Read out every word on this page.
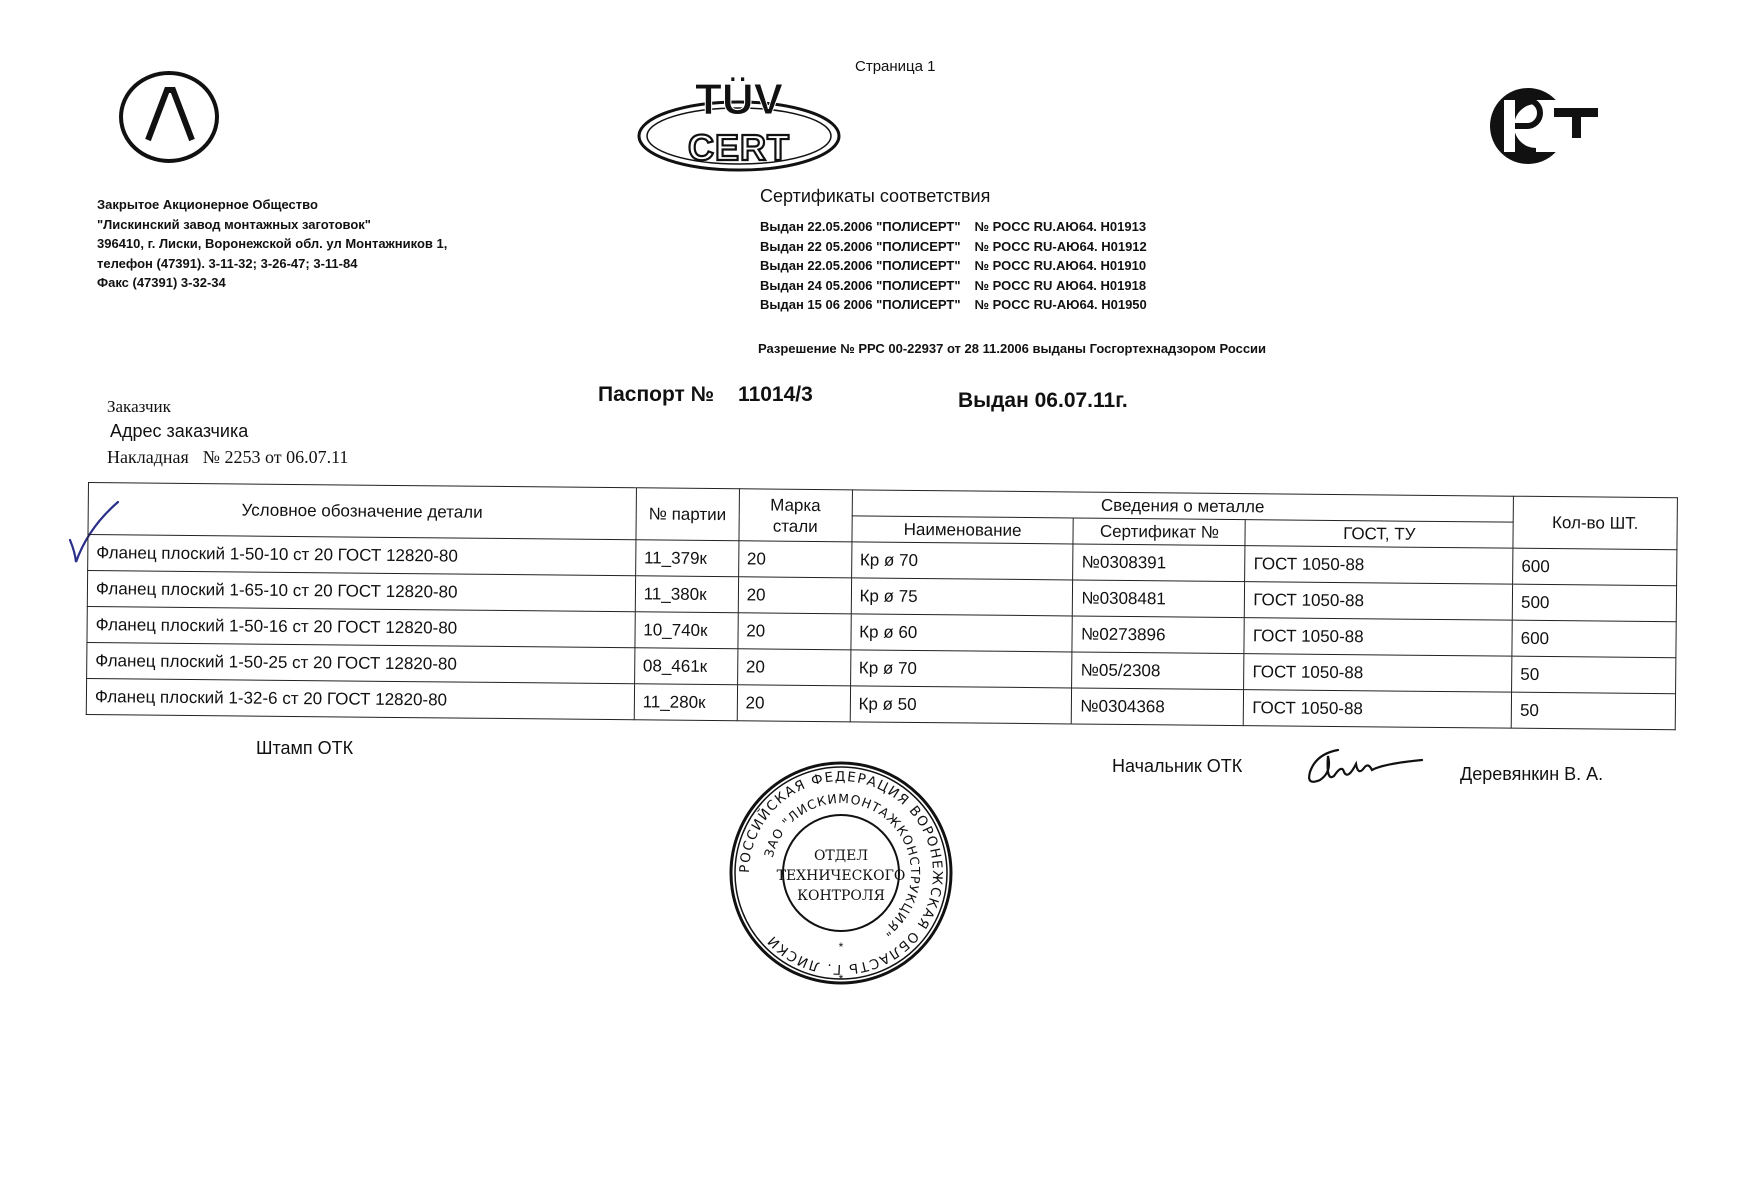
TÜV
CERT
Страница 1
Закрытое Акционерное Общество
"Лискинский завод монтажных заготовок"
396410, г. Лиски, Воронежской обл. ул Монтажников 1,
телефон (47391). 3-11-32; 3-26-47; 3-11-84
Факс (47391) 3-32-34
Сертификаты соответствия
Выдан 22.05.2006 "ПОЛИСЕРТ" № РОСС RU.АЮ64. Н01913
Выдан 22 05.2006 "ПОЛИСЕРТ" № РОСС RU-АЮ64. Н01912
Выдан 22.05.2006 "ПОЛИСЕРТ" № РОСС RU.АЮ64. Н01910
Выдан 24 05.2006 "ПОЛИСЕРТ" № РОСС RU АЮ64. Н01918
Выдан 15 06 2006 "ПОЛИСЕРТ" № РОСС RU-АЮ64. Н01950
Разрешение № РРС 00-22937 от 28 11.2006 выданы Госгортехнадзором России
Паспорт № 11014/3	Выдан 06.07.11г.
Заказчик
Адрес заказчика
Накладная № 2253 от 06.07.11
Условное обозначение детали	№ партии	Марка стали	Сведения о металле			Кол-во ШТ.
			Наименование	Сертификат №	ГОСТ, ТУ	
Фланец плоский 1-50-10 ст 20 ГОСТ 12820-80	11_379к	20	Кр ø 70	№0308391	ГОСТ 1050-88	600
Фланец плоский 1-65-10 ст 20 ГОСТ 12820-80	11_380к	20	Кр ø 75	№0308481	ГОСТ 1050-88	500
Фланец плоский 1-50-16 ст 20 ГОСТ 12820-80	10_740к	20	Кр ø 60	№0273896	ГОСТ 1050-88	600
Фланец плоский 1-50-25 ст 20 ГОСТ 12820-80	08_461к	20	Кр ø 70	№05/2308	ГОСТ 1050-88	50
Фланец плоский 1-32-6 ст 20 ГОСТ 12820-80	11_280к	20	Кр ø 50	№0304368	ГОСТ 1050-88	50
Штамп ОТК
Начальник ОТК	Деревянкин В. А.
РОССИЙСКАЯ ФЕДЕРАЦИЯ ВОРОНЕЖСКАЯ ОБЛАСТЬ Г. ЛИСКИ
ЗАО "ЛИСКИМОНТАЖКОНСТРУКЦИЯ"
ОТДЕЛ
ТЕХНИЧЕСКОГО
КОНТРОЛЯ
*
*
